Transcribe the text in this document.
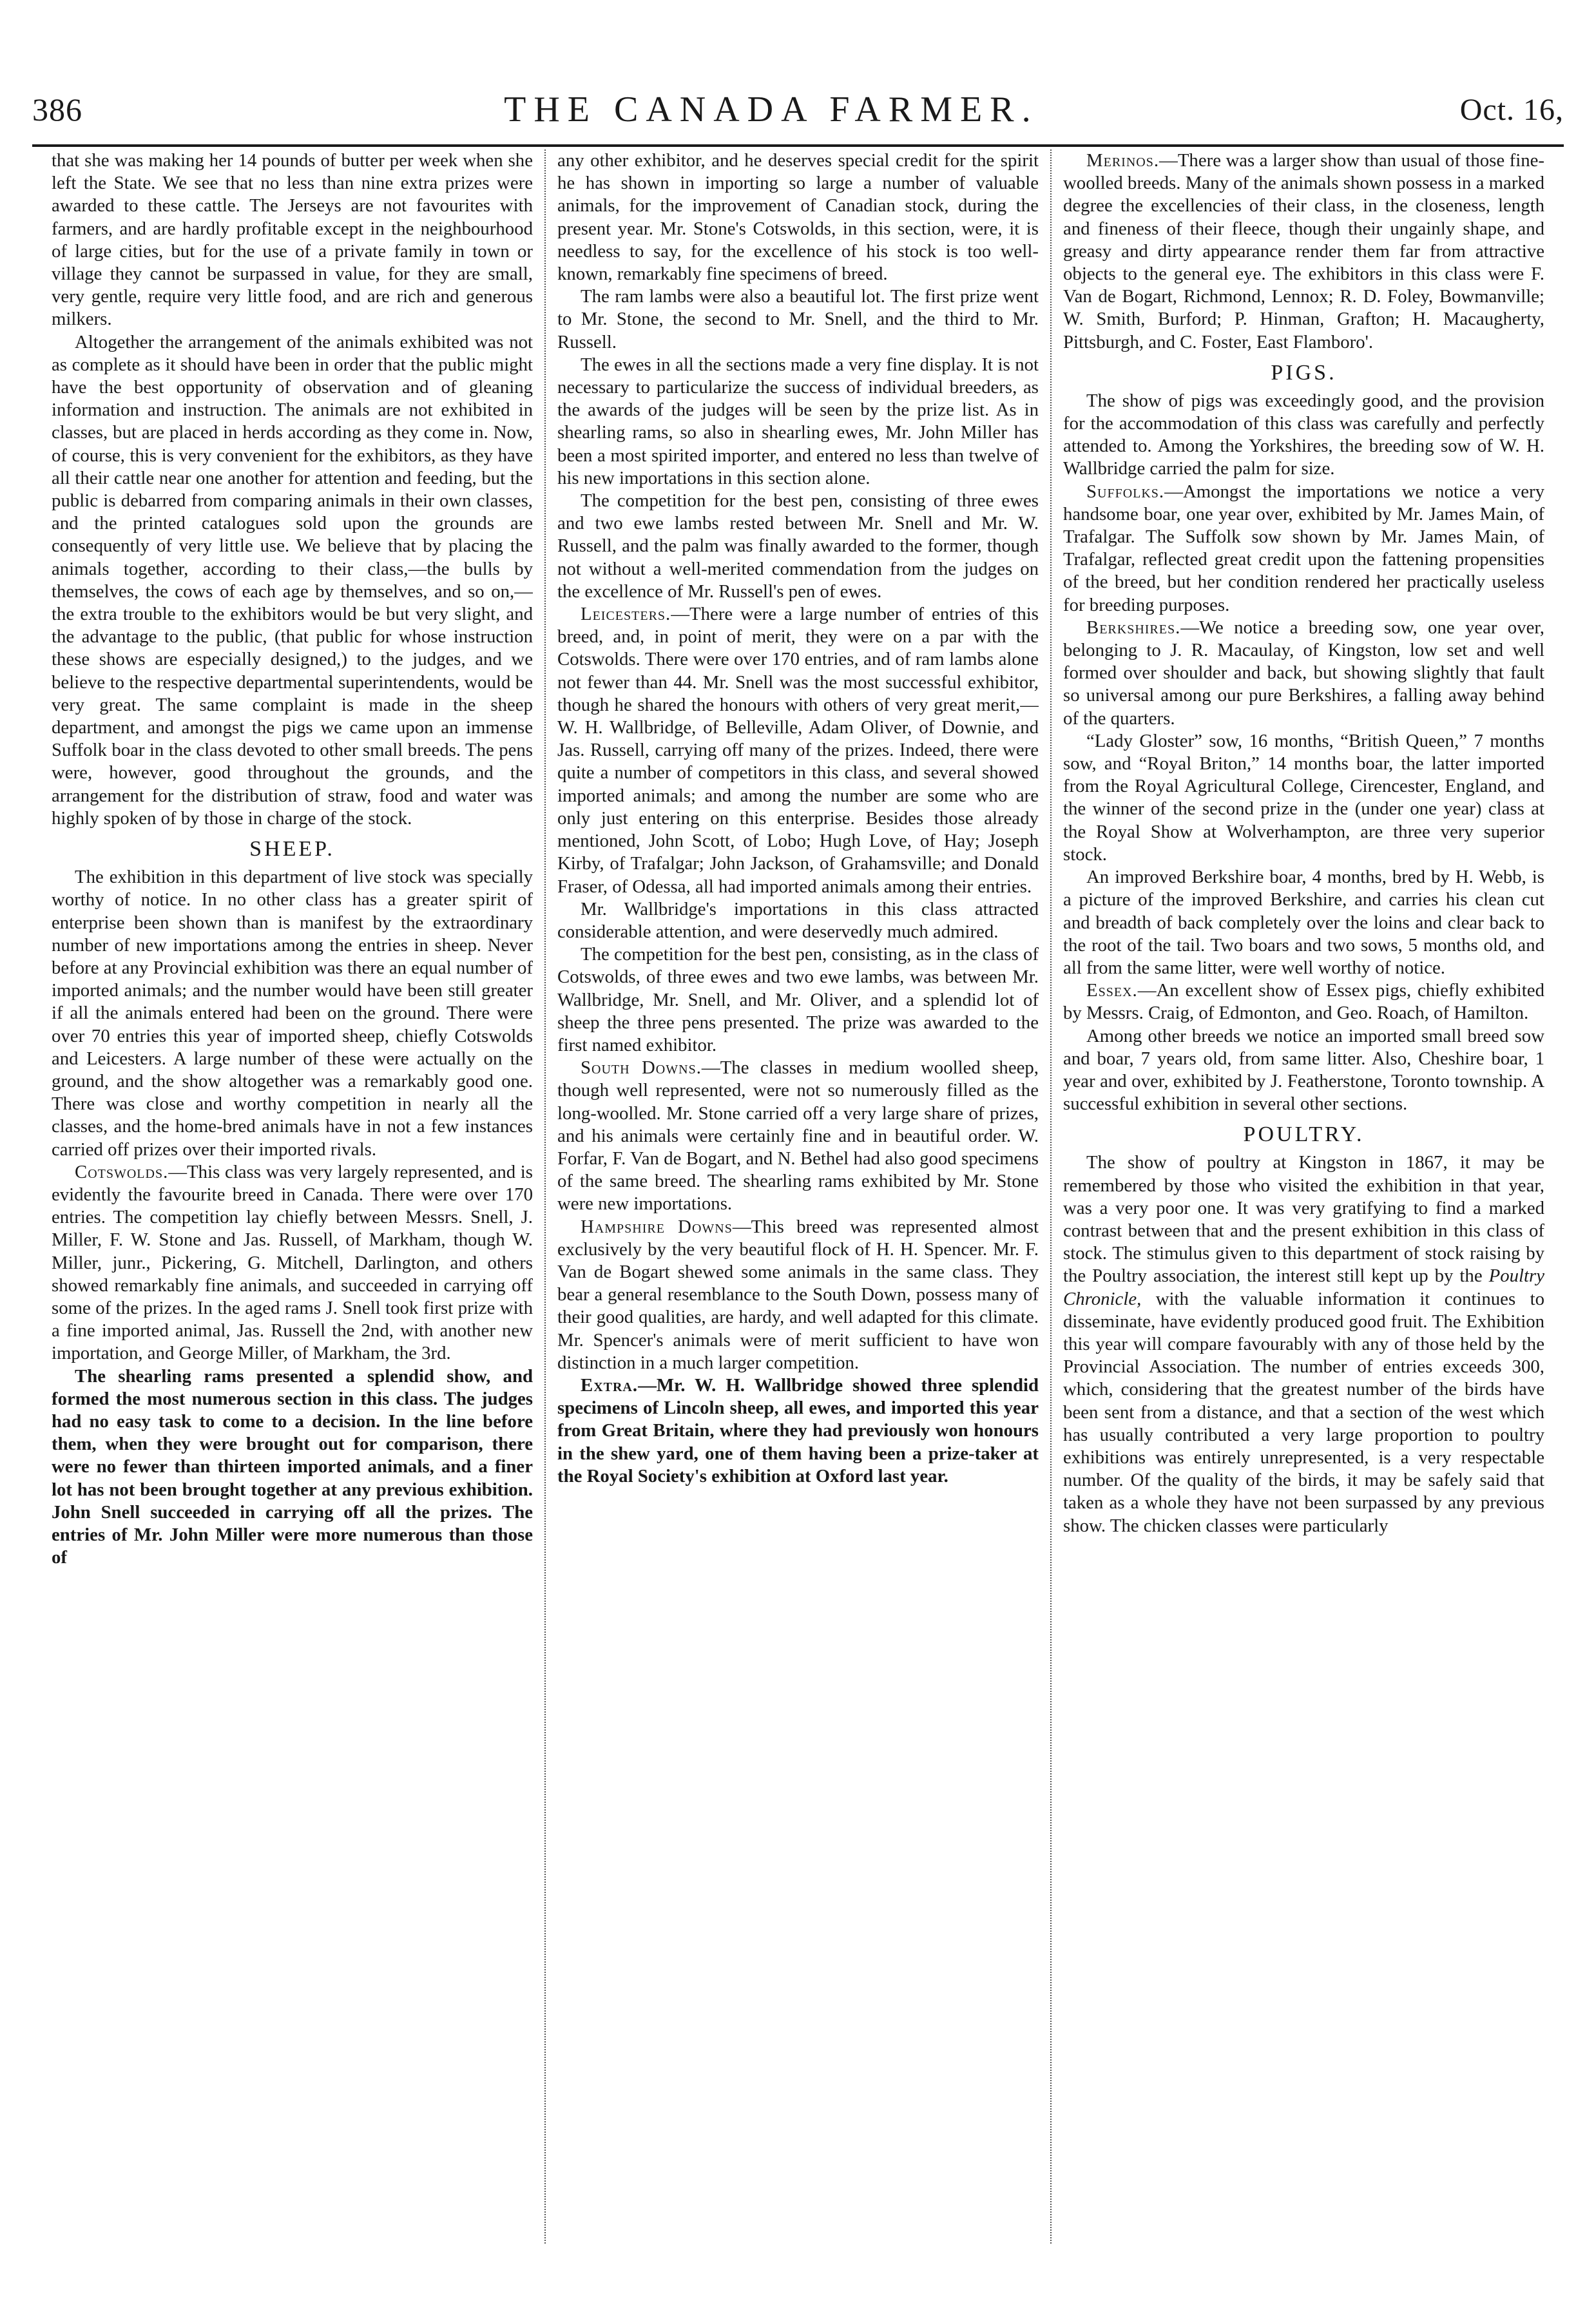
386	THE CANADA FARMER.	Oct. 16,

that she was making her 14 pounds of butter per week when she left the State. We see that no less than nine extra prizes were awarded to these cattle. The Jerseys are not favourites with farmers, and are hardly profitable except in the neighbourhood of large cities, but for the use of a private family in town or village they cannot be surpassed in value, for they are small, very gentle, require very little food, and are rich and generous milkers.

Altogether the arrangement of the animals exhibited was not as complete as it should have been in order that the public might have the best opportunity of observation and of gleaning information and instruction. The animals are not exhibited in classes, but are placed in herds according as they come in. Now, of course, this is very convenient for the exhibitors, as they have all their cattle near one another for attention and feeding, but the public is debarred from comparing animals in their own classes, and the printed catalogues sold upon the grounds are consequently of very little use. We believe that by placing the animals together, according to their class,—the bulls by themselves, the cows of each age by themselves, and so on,—the extra trouble to the exhibitors would be but very slight, and the advantage to the public, (that public for whose instruction these shows are especially designed,) to the judges, and we believe to the respective departmental superintendents, would be very great. The same complaint is made in the sheep department, and amongst the pigs we came upon an immense Suffolk boar in the class devoted to other small breeds. The pens were, however, good throughout the grounds, and the arrangement for the distribution of straw, food and water was highly spoken of by those in charge of the stock.

SHEEP.

The exhibition in this department of live stock was specially worthy of notice. In no other class has a greater spirit of enterprise been shown than is manifest by the extraordinary number of new importations among the entries in sheep. Never before at any Provincial exhibition was there an equal number of imported animals; and the number would have been still greater if all the animals entered had been on the ground. There were over 70 entries this year of imported sheep, chiefly Cotswolds and Leicesters. A large number of these were actually on the ground, and the show altogether was a remarkably good one. There was close and worthy competition in nearly all the classes, and the home-bred animals have in not a few instances carried off prizes over their imported rivals.

Cotswolds.—This class was very largely represented, and is evidently the favourite breed in Canada. There were over 170 entries. The competition lay chiefly between Messrs. Snell, J. Miller, F. W. Stone and Jas. Russell, of Markham, though W. Miller, junr., Pickering, G. Mitchell, Darlington, and others showed remarkably fine animals, and succeeded in carrying off some of the prizes. In the aged rams J. Snell took first prize with a fine imported animal, Jas. Russell the 2nd, with another new importation, and George Miller, of Markham, the 3rd.

The shearling rams presented a splendid show, and formed the most numerous section in this class. The judges had no easy task to come to a decision. In the line before them, when they were brought out for comparison, there were no fewer than thirteen imported animals, and a finer lot has not been brought together at any previous exhibition. John Snell succeeded in carrying off all the prizes. The entries of Mr. John Miller were more numerous than those of

any other exhibitor, and he deserves special credit for the spirit he has shown in importing so large a number of valuable animals, for the improvement of Canadian stock, during the present year. Mr. Stone's Cotswolds, in this section, were, it is needless to say, for the excellence of his stock is too well-known, remarkably fine specimens of breed.

The ram lambs were also a beautiful lot. The first prize went to Mr. Stone, the second to Mr. Snell, and the third to Mr. Russell.

The ewes in all the sections made a very fine display. It is not necessary to particularize the success of individual breeders, as the awards of the judges will be seen by the prize list. As in shearling rams, so also in shearling ewes, Mr. John Miller has been a most spirited importer, and entered no less than twelve of his new importations in this section alone.

The competition for the best pen, consisting of three ewes and two ewe lambs rested between Mr. Snell and Mr. W. Russell, and the palm was finally awarded to the former, though not without a well-merited commendation from the judges on the excellence of Mr. Russell's pen of ewes.

Leicesters.—There were a large number of entries of this breed, and, in point of merit, they were on a par with the Cotswolds. There were over 170 entries, and of ram lambs alone not fewer than 44. Mr. Snell was the most successful exhibitor, though he shared the honours with others of very great merit,—W. H. Wallbridge, of Belleville, Adam Oliver, of Downie, and Jas. Russell, carrying off many of the prizes. Indeed, there were quite a number of competitors in this class, and several showed imported animals; and among the number are some who are only just entering on this enterprise. Besides those already mentioned, John Scott, of Lobo; Hugh Love, of Hay; Joseph Kirby, of Trafalgar; John Jackson, of Grahamsville; and Donald Fraser, of Odessa, all had imported animals among their entries.

Mr. Wallbridge's importations in this class attracted considerable attention, and were deservedly much admired.

The competition for the best pen, consisting, as in the class of Cotswolds, of three ewes and two ewe lambs, was between Mr. Wallbridge, Mr. Snell, and Mr. Oliver, and a splendid lot of sheep the three pens presented. The prize was awarded to the first named exhibitor.

South Downs.—The classes in medium woolled sheep, though well represented, were not so numerously filled as the long-woolled. Mr. Stone carried off a very large share of prizes, and his animals were certainly fine and in beautiful order. W. Forfar, F. Van de Bogart, and N. Bethel had also good specimens of the same breed. The shearling rams exhibited by Mr. Stone were new importations.

Hampshire Downs—This breed was represented almost exclusively by the very beautiful flock of H. H. Spencer. Mr. F. Van de Bogart shewed some animals in the same class. They bear a general resemblance to the South Down, possess many of their good qualities, are hardy, and well adapted for this climate. Mr. Spencer's animals were of merit sufficient to have won distinction in a much larger competition.

Extra.—Mr. W. H. Wallbridge showed three splendid specimens of Lincoln sheep, all ewes, and imported this year from Great Britain, where they had previously won honours in the shew yard, one of them having been a prize-taker at the Royal Society's exhibition at Oxford last year.

Merinos.—There was a larger show than usual of those fine-woolled breeds. Many of the animals shown possess in a marked degree the excellencies of their class, in the closeness, length and fineness of their fleece, though their ungainly shape, and greasy and dirty appearance render them far from attractive objects to the general eye. The exhibitors in this class were F. Van de Bogart, Richmond, Lennox; R. D. Foley, Bowmanville; W. Smith, Burford; P. Hinman, Grafton; H. Macaugherty, Pittsburgh, and C. Foster, East Flamboro'.

PIGS.

The show of pigs was exceedingly good, and the provision for the accommodation of this class was carefully and perfectly attended to. Among the Yorkshires, the breeding sow of W. H. Wallbridge carried the palm for size.

Suffolks.—Amongst the importations we notice a very handsome boar, one year over, exhibited by Mr. James Main, of Trafalgar. The Suffolk sow shown by Mr. James Main, of Trafalgar, reflected great credit upon the fattening propensities of the breed, but her condition rendered her practically useless for breeding purposes.

Berkshires.—We notice a breeding sow, one year over, belonging to J. R. Macaulay, of Kingston, low set and well formed over shoulder and back, but showing slightly that fault so universal among our pure Berkshires, a falling away behind of the quarters.

“Lady Gloster” sow, 16 months, “British Queen,” 7 months sow, and “Royal Briton,” 14 months boar, the latter imported from the Royal Agricultural College, Cirencester, England, and the winner of the second prize in the (under one year) class at the Royal Show at Wolverhampton, are three very superior stock.

An improved Berkshire boar, 4 months, bred by H. Webb, is a picture of the improved Berkshire, and carries his clean cut and breadth of back completely over the loins and clear back to the root of the tail. Two boars and two sows, 5 months old, and all from the same litter, were well worthy of notice.

Essex.—An excellent show of Essex pigs, chiefly exhibited by Messrs. Craig, of Edmonton, and Geo. Roach, of Hamilton.

Among other breeds we notice an imported small breed sow and boar, 7 years old, from same litter. Also, Cheshire boar, 1 year and over, exhibited by J. Featherstone, Toronto township. A successful exhibition in several other sections.

POULTRY.

The show of poultry at Kingston in 1867, it may be remembered by those who visited the exhibition in that year, was a very poor one. It was very gratifying to find a marked contrast between that and the present exhibition in this class of stock. The stimulus given to this department of stock raising by the Poultry association, the interest still kept up by the Poultry Chronicle, with the valuable information it continues to disseminate, have evidently produced good fruit. The Exhibition this year will compare favourably with any of those held by the Provincial Association. The number of entries exceeds 300, which, considering that the greatest number of the birds have been sent from a distance, and that a section of the west which has usually contributed a very large proportion to poultry exhibitions was entirely unrepresented, is a very respectable number. Of the quality of the birds, it may be safely said that taken as a whole they have not been surpassed by any previous show. The chicken classes were particularly
